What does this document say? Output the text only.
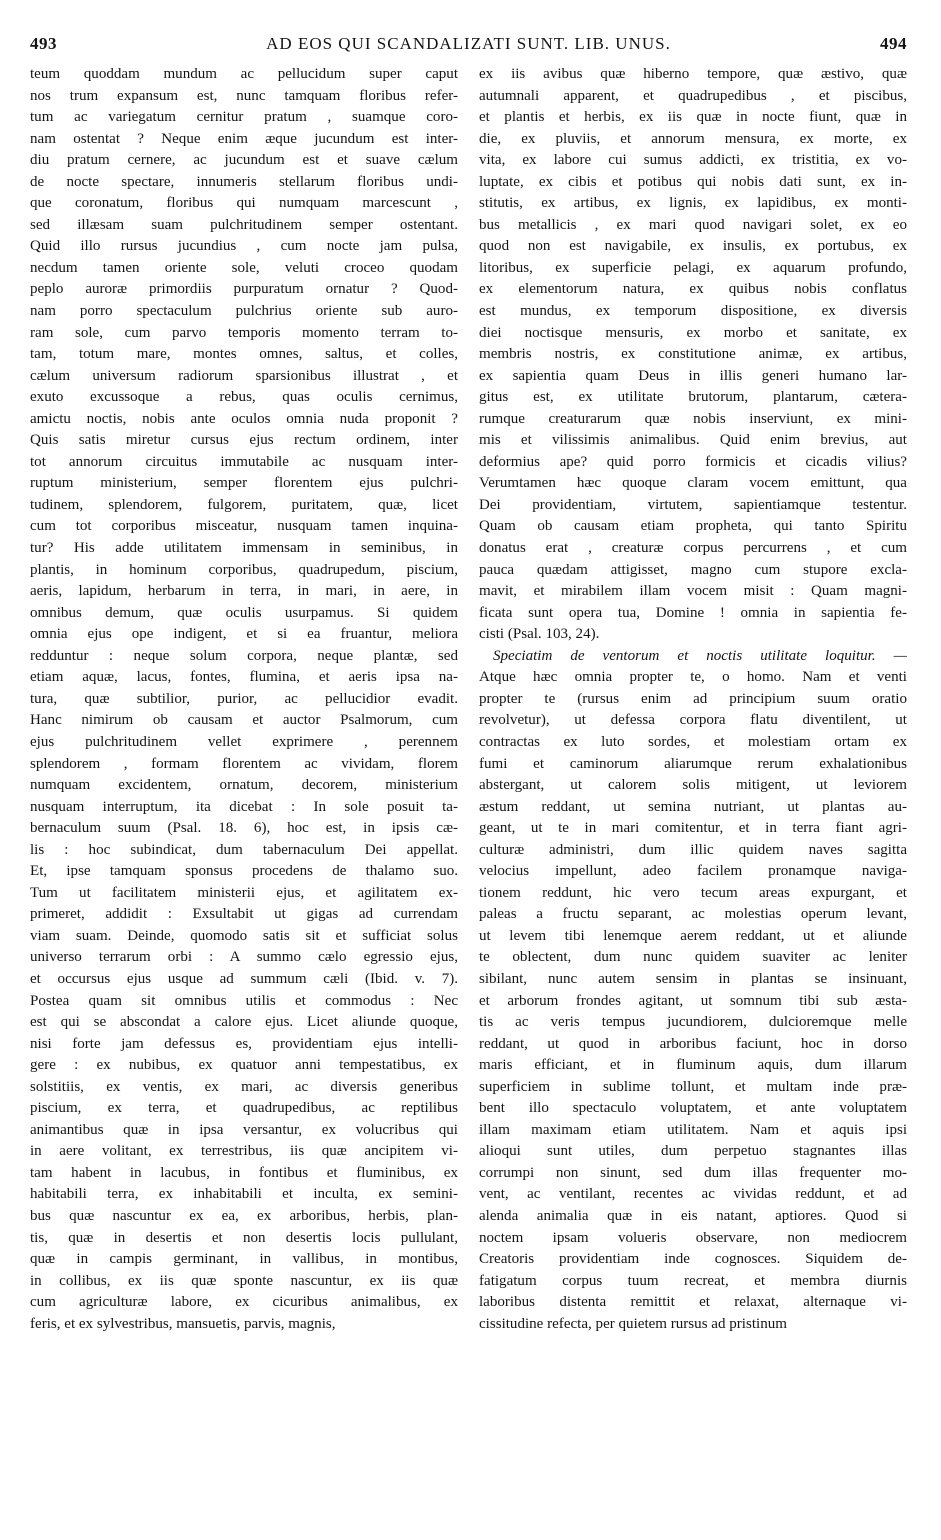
493	AD EOS QUI SCANDALIZATI SUNT. LIB. UNUS.	494
teum quoddam mundum ac pellucidum super caput
nos trum expansum est, nunc tamquam floribus refer-
tum ac variegatum cernitur pratum , suamque coro-
nam ostentat ? Neque enim æque jucundum est inter-
diu pratum cernere, ac jucundum est et suave cælum
de nocte spectare, innumeris stellarum floribus undi-
que coronatum, floribus qui numquam marcescunt ,
sed illæsam suam pulchritudinem semper ostentant.
Quid illo rursus jucundius , cum nocte jam pulsa,
necdum tamen oriente sole, veluti croceo quodam
peplo auroræ primordiis purpuratum ornatur ? Quod-
nam porro spectaculum pulchrius oriente sub auro-
ram sole, cum parvo temporis momento terram to-
tam, totum mare, montes omnes, saltus, et colles,
cælum universum radiorum sparsionibus illustrat , et
exuto excussoque a rebus, quas oculis cernimus,
amictu noctis, nobis ante oculos omnia nuda proponit ?
Quis satis miretur cursus ejus rectum ordinem, inter
tot annorum circuitus immutabile ac nusquam inter-
ruptum ministerium, semper florentem ejus pulchri-
tudinem, splendorem, fulgorem, puritatem, quæ, licet
cum tot corporibus misceatur, nusquam tamen inquina-
tur? His adde utilitatem immensam in seminibus, in
plantis, in hominum corporibus, quadrupedum, piscium,
aeris, lapidum, herbarum in terra, in mari, in aere, in
omnibus demum, quæ oculis usurpamus. Si quidem
omnia ejus ope indigent, et si ea fruantur, meliora
redduntur : neque solum corpora, neque plantæ, sed
etiam aquæ, lacus, fontes, flumina, et aeris ipsa na-
tura, quæ subtilior, purior, ac pellucidior evadit.
Hanc nimirum ob causam et auctor Psalmorum, cum
ejus pulchritudinem vellet exprimere , perennem
splendorem , formam florentem ac vividam, florem
numquam excidentem, ornatum, decorem, ministerium
nusquam interruptum, ita dicebat : In sole posuit ta-
bernaculum suum (Psal. 18. 6), hoc est, in ipsis cæ-
lis : hoc subindicat, dum tabernaculum Dei appellat.
Et, ipse tamquam sponsus procedens de thalamo suo.
Tum ut facilitatem ministerii ejus, et agilitatem ex-
primeret, addidit : Exsultabit ut gigas ad currendam
viam suam. Deinde, quomodo satis sit et sufficiat solus
universo terrarum orbi : A summo cælo egressio ejus,
et occursus ejus usque ad summum cæli (Ibid. v. 7).
Postea quam sit omnibus utilis et commodus : Nec
est qui se abscondat a calore ejus. Licet aliunde quoque,
nisi forte jam defessus es, providentiam ejus intelli-
gere : ex nubibus, ex quatuor anni tempestatibus, ex
solstitiis, ex ventis, ex mari, ac diversis generibus
piscium, ex terra, et quadrupedibus, ac reptilibus
animantibus quæ in ipsa versantur, ex volucribus qui
in aere volitant, ex terrestribus, iis quæ ancipitem vi-
tam habent in lacubus, in fontibus et fluminibus, ex
habitabili terra, ex inhabitabili et inculta, ex semini-
bus quæ nascuntur ex ea, ex arboribus, herbis, plan-
tis, quæ in desertis et non desertis locis pullulant,
quæ in campis germinant, in vallibus, in montibus,
in collibus, ex iis quæ sponte nascuntur, ex iis quæ
cum agriculturæ labore, ex cicuribus animalibus, ex
feris, et ex sylvestribus, mansuetis, parvis, magnis,
ex iis avibus quæ hiberno tempore, quæ æstivo, quæ
autumnali apparent, et quadrupedibus , et piscibus,
et plantis et herbis, ex iis quæ in nocte fiunt, quæ in
die, ex pluviis, et annorum mensura, ex morte, ex
vita, ex labore cui sumus addicti, ex tristitia, ex vo-
luptate, ex cibis et potibus qui nobis dati sunt, ex in-
stitutis, ex artibus, ex lignis, ex lapidibus, ex monti-
bus metallicis , ex mari quod navigari solet, ex eo
quod non est navigabile, ex insulis, ex portubus, ex
litoribus, ex superficie pelagi, ex aquarum profundo,
ex elementorum natura, ex quibus nobis conflatus
est mundus, ex temporum dispositione, ex diversis
diei noctisque mensuris, ex morbo et sanitate, ex
membris nostris, ex constitutione animæ, ex artibus,
ex sapientia quam Deus in illis generi humano lar-
gitus est, ex utilitate brutorum, plantarum, cætera-
rumque creaturarum quæ nobis inserviunt, ex mini-
mis et vilissimis animalibus. Quid enim brevius, aut
deformius ape? quid porro formicis et cicadis vilius?
Verumtamen hæc quoque claram vocem emittunt, qua
Dei providentiam, virtutem, sapientiamque testentur.
Quam ob causam etiam propheta, qui tanto Spiritu
donatus erat , creaturæ corpus percurrens , et cum
pauca quædam attigisset, magno cum stupore excla-
mavit, et mirabilem illam vocem misit : Quam magni-
ficata sunt opera tua, Domine ! omnia in sapientia fe-
cisti (Psal. 103, 24).
Speciatim de ventorum et noctis utilitate loquitur. —
Atque hæc omnia propter te, o homo. Nam et venti
propter te (rursus enim ad principium suum oratio
revolvetur), ut defessa corpora flatu diventilent, ut
contractas ex luto sordes, et molestiam ortam ex
fumi et caminorum aliarumque rerum exhalationibus
abstergant, ut calorem solis mitigent, ut leviorem
æstum reddant, ut semina nutriant, ut plantas au-
geant, ut te in mari comitentur, et in terra fiant agri-
culturæ administri, dum illic quidem naves sagitta
velocius impellunt, adeo facilem pronamque naviga-
tionem reddunt, hic vero tecum areas expurgant, et
paleas a fructu separant, ac molestias operum levant,
ut levem tibi lenemque aerem reddant, ut et aliunde
te oblectent, dum nunc quidem suaviter ac leniter
sibilant, nunc autem sensim in plantas se insinuant,
et arborum frondes agitant, ut somnum tibi sub æsta-
tis ac veris tempus jucundiorem, dulcioremque melle
reddant, ut quod in arboribus faciunt, hoc in dorso
maris efficiant, et in fluminum aquis, dum illarum
superficiem in sublime tollunt, et multam inde præ-
bent illo spectaculo voluptatem, et ante voluptatem
illam maximam etiam utilitatem. Nam et aquis ipsi
alioqui sunt utiles, dum perpetuo stagnantes illas
corrumpi non sinunt, sed dum illas frequenter mo-
vent, ac ventilant, recentes ac vividas reddunt, et ad
alenda animalia quæ in eis natant, aptiores. Quod si
noctem ipsam volueris observare, non mediocrem
Creatoris providentiam inde cognosces. Siquidem de-
fatigatum corpus tuum recreat, et membra diurnis
laboribus distenta remittit et relaxat, alternaque vi-
cissitudine refecta, per quietem rursus ad pristinum
